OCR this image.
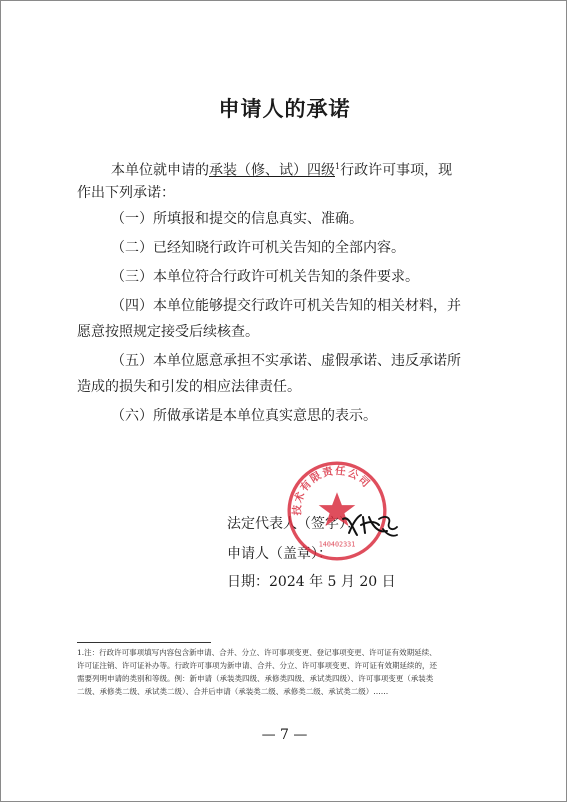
申请人的承诺
本单位就申请的承装（修、试）四级$^1$行政许可事项，现
作出下列承诺：
（一）所填报和提交的信息真实、准确。
（二）已经知晓行政许可机关告知的全部内容。
（三）本单位符合行政许可机关告知的条件要求。
（四）本单位能够提交行政许可机关告知的相关材料，并
愿意按照规定接受后续核查。
（五）本单位愿意承担不实承诺、虚假承诺、违反承诺所
造成的损失和引发的相应法律责任。
（六）所做承诺是本单位真实意思的表示。
法定代表人（签字）：
申请人（盖章）：
日期：2024 年 5 月 20 日
技术有限责任公司
140402331
1.注：行政许可事项填写内容包含新申请、合并、分立、许可事项变更、登记事项变更、许可证有效期延续、
许可证注销、许可证补办等。行政许可事项为新申请、合并、分立、许可事项变更、许可证有效期延续的，还
需要列明申请的类别和等级。例：新申请（承装类四级、承修类四级、承试类四级）、许可事项变更（承装类
二级、承修类二级、承试类二级）、合并后申请（承装类二级、承修类二级、承试类二级）……
— 7 —
